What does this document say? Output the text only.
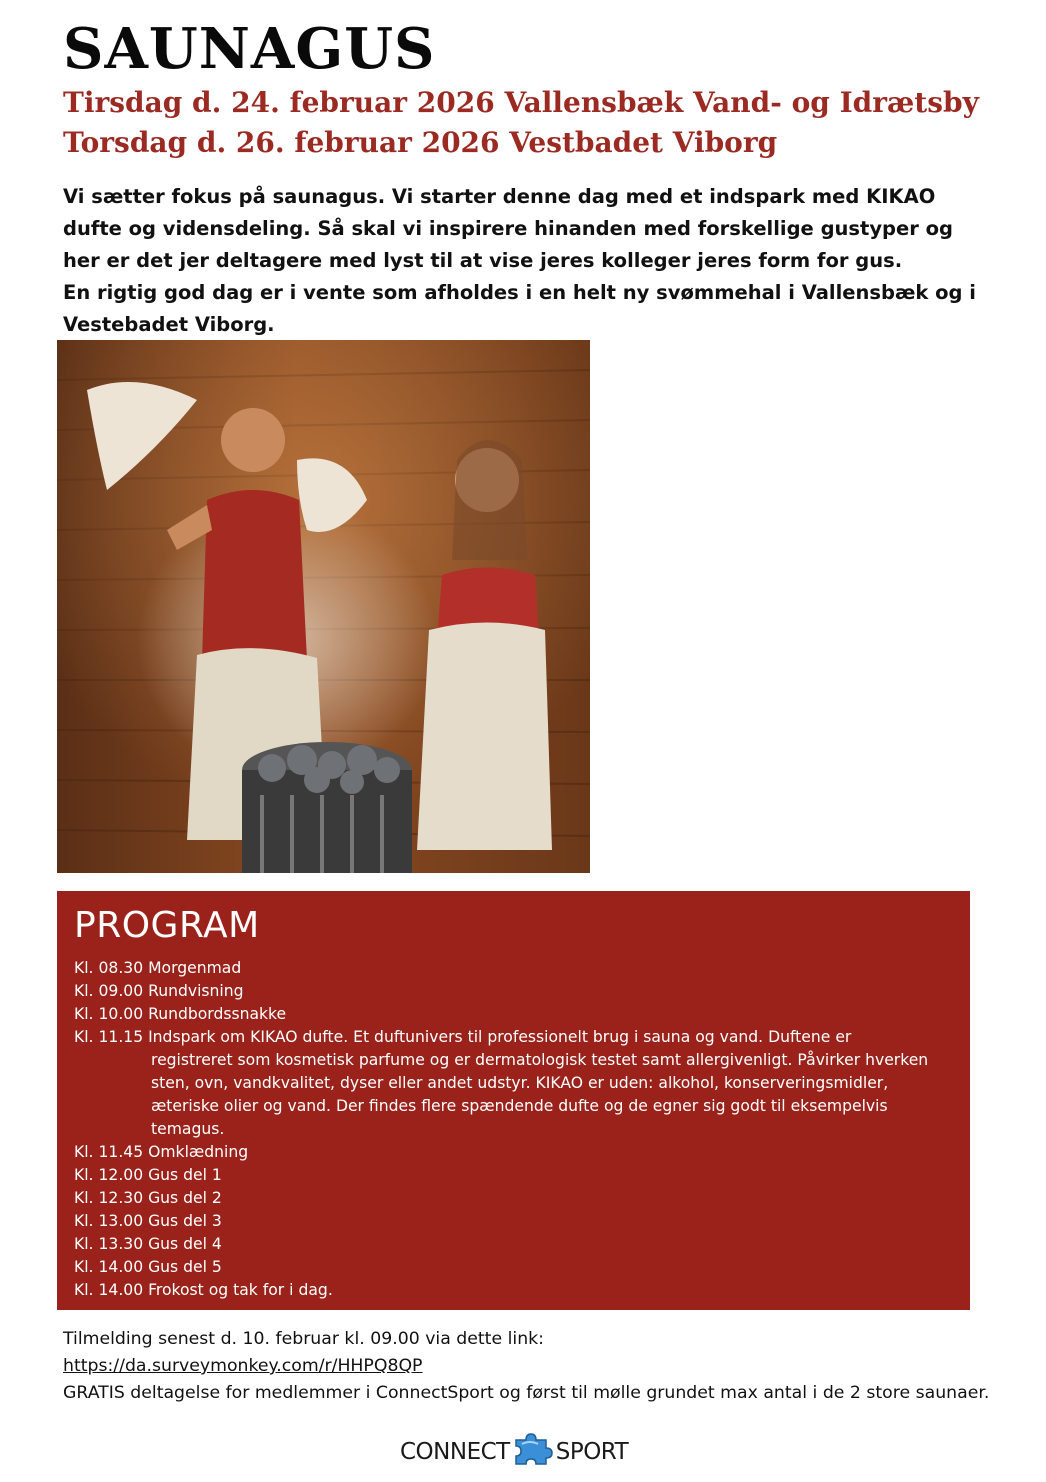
SAUNAGUS
Tirsdag d. 24. februar 2026 Vallensbæk Vand- og Idrætsby
Torsdag d. 26. februar 2026 Vestbadet Viborg

Vi sætter fokus på saunagus. Vi starter denne dag med et indspark med KIKAO dufte og vidensdeling. Så skal vi inspirere hinanden med forskellige gustyper og her er det jer deltagere med lyst til at vise jeres kolleger jeres form for gus.

En rigtig god dag er i vente som afholdes i en helt ny svømmehal i Vallensbæk og i Vestebadet Viborg.

PROGRAM
Kl. 08.30 Morgenmad
Kl. 09.00 Rundvisning
Kl. 10.00 Rundbordssnakke
Kl. 11.15 Indspark om KIKAO dufte. Et duftunivers til professionelt brug i sauna og vand. Duftene er
registreret som kosmetisk parfume og er dermatologisk testet samt allergivenligt. Påvirker hverken sten, ovn, vandkvalitet, dyser eller andet udstyr. KIKAO er uden: alkohol, konserveringsmidler, æteriske olier og vand. Der findes flere spændende dufte og de egner sig godt til eksempelvis temagus.
Kl. 11.45 Omklædning
Kl. 12.00 Gus del 1
Kl. 12.30 Gus del 2
Kl. 13.00 Gus del 3
Kl. 13.30 Gus del 4
Kl. 14.00 Gus del 5
Kl. 14.00 Frokost og tak for i dag.

Tilmelding senest d. 10. februar kl. 09.00 via dette link:

https://da.surveymonkey.com/r/HHPQ8QP

GRATIS deltagelse for medlemmer i ConnectSport og først til mølle grundet max antal i de 2 store saunaer.

CONNECT SPORT
